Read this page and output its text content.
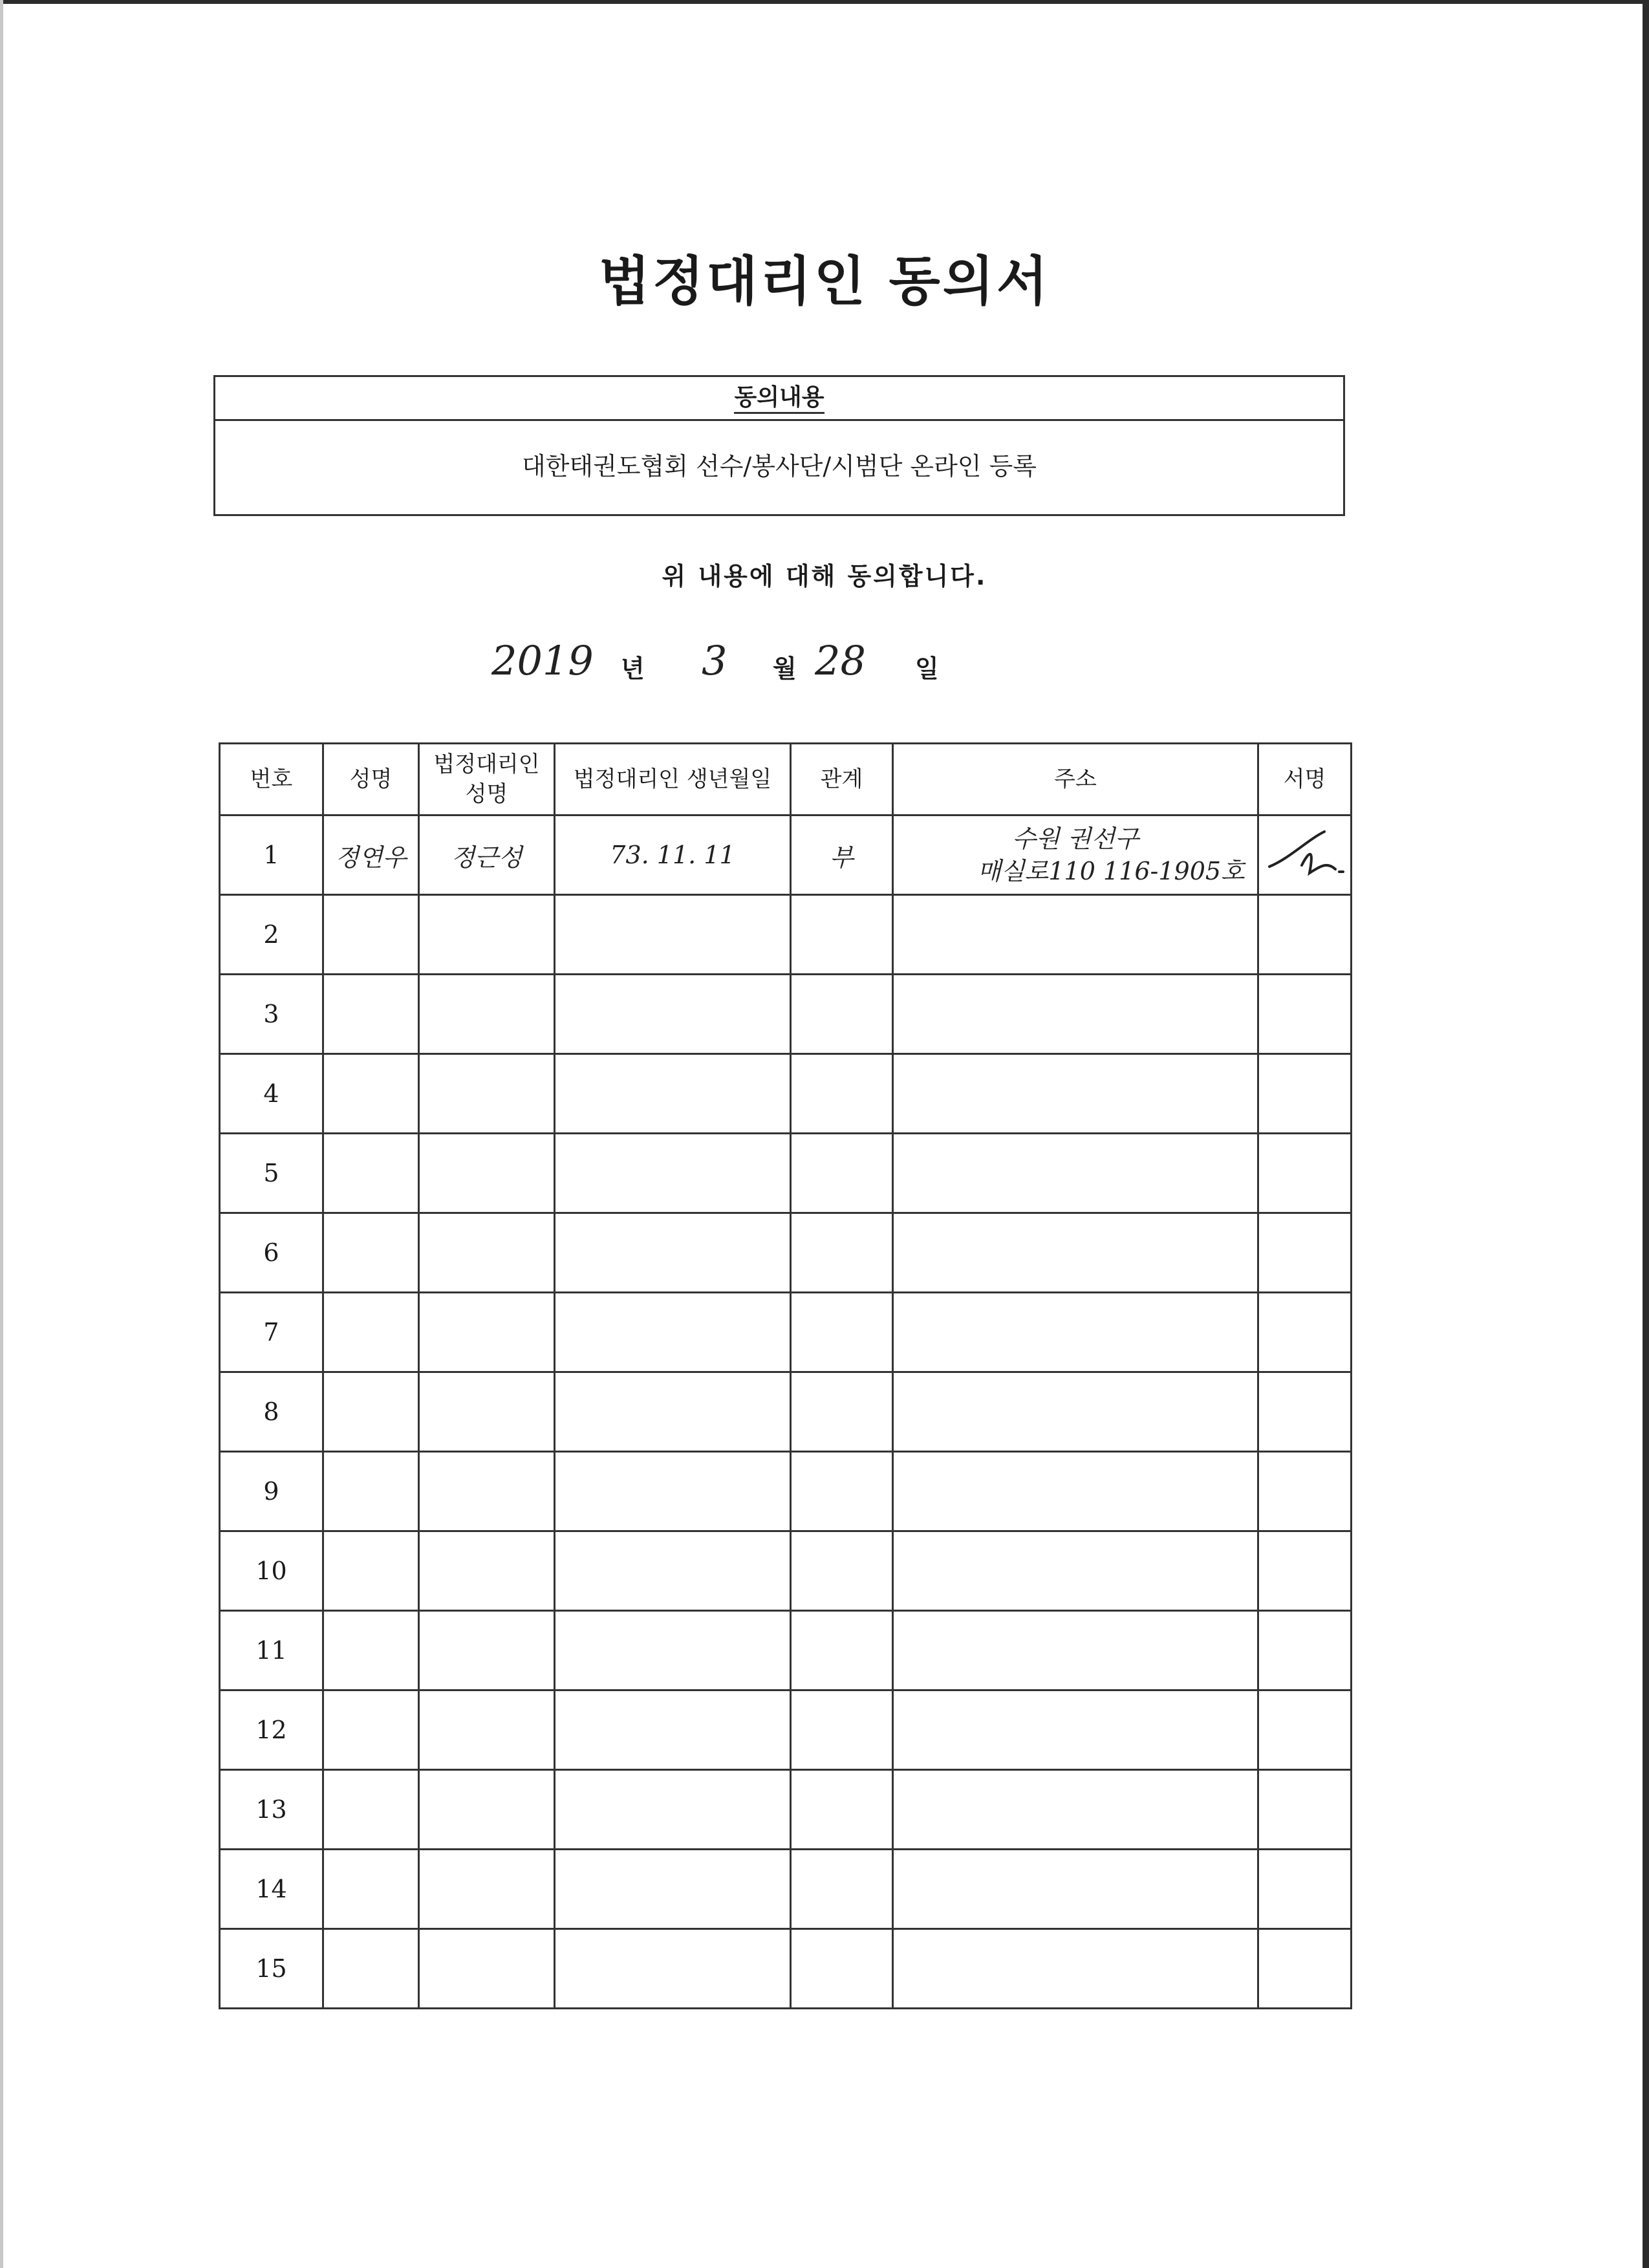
법정대리인 동의서
동의내용
대한태권도협회 선수/봉사단/시범단 온라인 등록
위 내용에 대해 동의합니다.
2019 년 3 월 28 일
번호	성명	법정대리인 성명	법정대리인 생년월일	관계	주소	서명
1	정연우	정근성	73. 11. 11	부	수원 권선구
매실로110 116-1905호

2						
3						
4						
5						
6						
7						
8						
9						
10						
11						
12						
13						
14						
15						
